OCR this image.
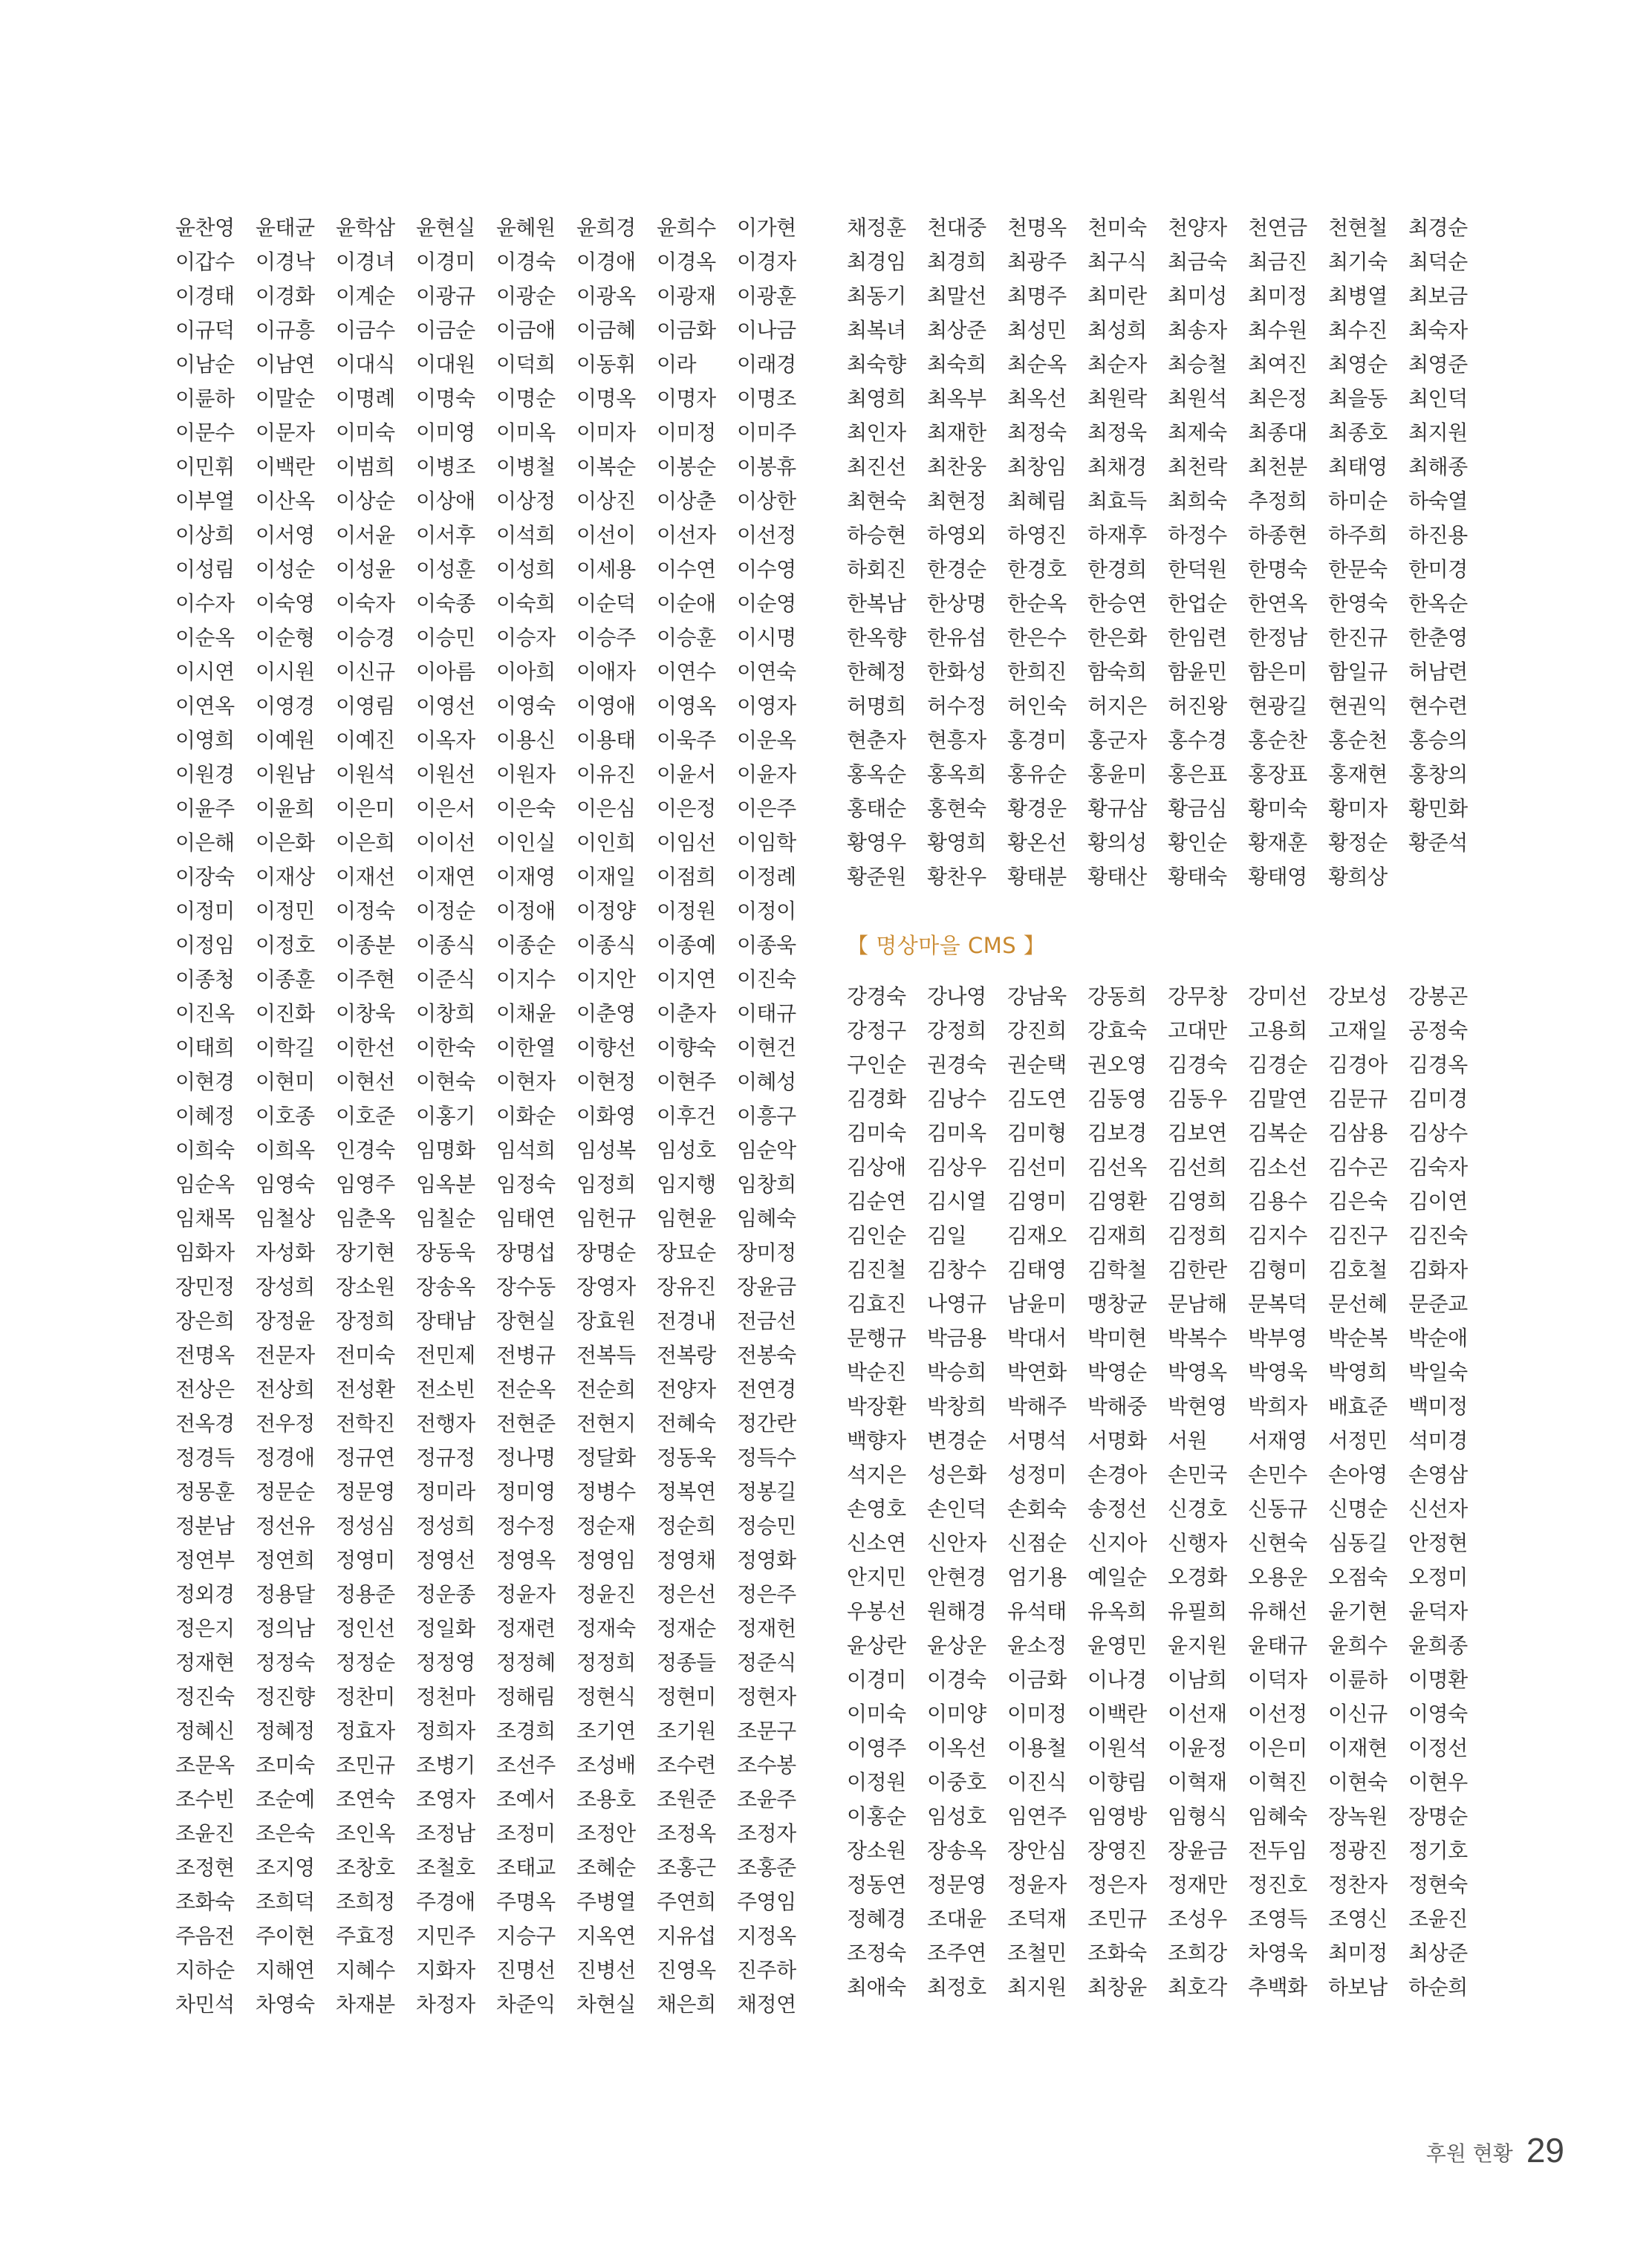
윤찬영 윤태균 윤학삼 윤현실 윤혜원 윤희경 윤희수 이가현
이갑수 이경낙 이경녀 이경미 이경숙 이경애 이경옥 이경자
이경태 이경화 이계순 이광규 이광순 이광옥 이광재 이광훈
이규덕 이규흥 이금수 이금순 이금애 이금혜 이금화 이나금
이남순 이남연 이대식 이대원 이덕희 이동휘 이라 이래경
이륜하 이말순 이명례 이명숙 이명순 이명옥 이명자 이명조
이문수 이문자 이미숙 이미영 이미옥 이미자 이미정 이미주
이민휘 이백란 이범희 이병조 이병철 이복순 이봉순 이봉휴
이부열 이산옥 이상순 이상애 이상정 이상진 이상춘 이상한
이상희 이서영 이서윤 이서후 이석희 이선이 이선자 이선정
이성림 이성순 이성윤 이성훈 이성희 이세용 이수연 이수영
이수자 이숙영 이숙자 이숙종 이숙희 이순덕 이순애 이순영
이순옥 이순형 이승경 이승민 이승자 이승주 이승훈 이시명
이시연 이시원 이신규 이아름 이아희 이애자 이연수 이연숙
이연옥 이영경 이영림 이영선 이영숙 이영애 이영옥 이영자
이영희 이예원 이예진 이옥자 이용신 이용태 이욱주 이운옥
이원경 이원남 이원석 이원선 이원자 이유진 이윤서 이윤자
이윤주 이윤희 이은미 이은서 이은숙 이은심 이은정 이은주
이은해 이은화 이은희 이이선 이인실 이인희 이임선 이임학
이장숙 이재상 이재선 이재연 이재영 이재일 이점희 이정례
이정미 이정민 이정숙 이정순 이정애 이정양 이정원 이정이
이정임 이정호 이종분 이종식 이종순 이종식 이종예 이종욱
이종청 이종훈 이주현 이준식 이지수 이지안 이지연 이진숙
이진옥 이진화 이창욱 이창희 이채윤 이춘영 이춘자 이태규
이태희 이학길 이한선 이한숙 이한열 이향선 이향숙 이현건
이현경 이현미 이현선 이현숙 이현자 이현정 이현주 이혜성
이혜정 이호종 이호준 이홍기 이화순 이화영 이후건 이흥구
이희숙 이희옥 인경숙 임명화 임석희 임성복 임성호 임순악
임순옥 임영숙 임영주 임옥분 임정숙 임정희 임지행 임창희
임채목 임철상 임춘옥 임칠순 임태연 임헌규 임현윤 임혜숙
임화자 자성화 장기현 장동욱 장명섭 장명순 장묘순 장미정
장민정 장성희 장소원 장송옥 장수동 장영자 장유진 장윤금
장은희 장정윤 장정희 장태남 장현실 장효원 전경내 전금선
전명옥 전문자 전미숙 전민제 전병규 전복득 전복랑 전봉숙
전상은 전상희 전성환 전소빈 전순옥 전순희 전양자 전연경
전옥경 전우정 전학진 전행자 전현준 전현지 전혜숙 정간란
정경득 정경애 정규연 정규정 정나명 정달화 정동욱 정득수
정몽훈 정문순 정문영 정미라 정미영 정병수 정복연 정봉길
정분남 정선유 정성심 정성희 정수정 정순재 정순희 정승민
정연부 정연희 정영미 정영선 정영옥 정영임 정영채 정영화
정외경 정용달 정용준 정운종 정윤자 정윤진 정은선 정은주
정은지 정의남 정인선 정일화 정재련 정재숙 정재순 정재헌
정재현 정정숙 정정순 정정영 정정혜 정정희 정종들 정준식
정진숙 정진향 정찬미 정천마 정해림 정현식 정현미 정현자
정혜신 정혜정 정효자 정희자 조경희 조기연 조기원 조문구
조문옥 조미숙 조민규 조병기 조선주 조성배 조수련 조수봉
조수빈 조순예 조연숙 조영자 조예서 조용호 조원준 조윤주
조윤진 조은숙 조인옥 조정남 조정미 조정안 조정옥 조정자
조정현 조지영 조창호 조철호 조태교 조혜순 조홍근 조홍준
조화숙 조희덕 조희정 주경애 주명옥 주병열 주연희 주영임
주음전 주이현 주효정 지민주 지승구 지옥연 지유섭 지정옥
지하순 지해연 지혜수 지화자 진명선 진병선 진영옥 진주하
차민석 차영숙 차재분 차정자 차준익 차현실 채은희 채정연
채정훈 천대중 천명옥 천미숙 천양자 천연금 천현철 최경순
최경임 최경희 최광주 최구식 최금숙 최금진 최기숙 최덕순
최동기 최말선 최명주 최미란 최미성 최미정 최병열 최보금
최복녀 최상준 최성민 최성희 최송자 최수원 최수진 최숙자
최숙향 최숙희 최순옥 최순자 최승철 최여진 최영순 최영준
최영희 최옥부 최옥선 최원락 최원석 최은정 최을동 최인덕
최인자 최재한 최정숙 최정욱 최제숙 최종대 최종호 최지원
최진선 최찬웅 최창임 최채경 최천락 최천분 최태영 최해종
최현숙 최현정 최혜림 최효득 최희숙 추정희 하미순 하숙열
하승현 하영외 하영진 하재후 하정수 하종현 하주희 하진용
하회진 한경순 한경호 한경희 한덕원 한명숙 한문숙 한미경
한복남 한상명 한순옥 한승연 한업순 한연옥 한영숙 한옥순
한옥향 한유섬 한은수 한은화 한임련 한정남 한진규 한춘영
한혜정 한화성 한희진 함숙희 함윤민 함은미 함일규 허남련
허명희 허수정 허인숙 허지은 허진왕 현광길 현권익 현수련
현춘자 현흥자 홍경미 홍군자 홍수경 홍순찬 홍순천 홍승의
홍옥순 홍옥희 홍유순 홍윤미 홍은표 홍장표 홍재현 홍창의
홍태순 홍현숙 황경운 황규삼 황금심 황미숙 황미자 황민화
황영우 황영희 황온선 황의성 황인순 황재훈 황정순 황준석
황준원 황찬우 황태분 황태산 황태숙 황태영 황희상
【 명상마을 CMS 】
강경숙 강나영 강남욱 강동희 강무창 강미선 강보성 강봉곤
강정구 강정희 강진희 강효숙 고대만 고용희 고재일 공정숙
구인순 권경숙 권순택 권오영 김경숙 김경순 김경아 김경옥
김경화 김낭수 김도연 김동영 김동우 김말연 김문규 김미경
김미숙 김미옥 김미형 김보경 김보연 김복순 김삼용 김상수
김상애 김상우 김선미 김선옥 김선희 김소선 김수곤 김숙자
김순연 김시열 김영미 김영환 김영희 김용수 김은숙 김이연
김인순 김일 김재오 김재희 김정희 김지수 김진구 김진숙
김진철 김창수 김태영 김학철 김한란 김형미 김호철 김화자
김효진 나영규 남윤미 맹창균 문남해 문복덕 문선혜 문준교
문행규 박금용 박대서 박미현 박복수 박부영 박순복 박순애
박순진 박승희 박연화 박영순 박영옥 박영욱 박영희 박일숙
박장환 박창희 박해주 박해중 박현영 박희자 배효준 백미정
백향자 변경순 서명석 서명화 서원 서재영 서정민 석미경
석지은 성은화 성정미 손경아 손민국 손민수 손아영 손영삼
손영호 손인덕 손회숙 송정선 신경호 신동규 신명순 신선자
신소연 신안자 신점순 신지아 신행자 신현숙 심동길 안정현
안지민 안현경 엄기용 예일순 오경화 오용운 오점숙 오정미
우봉선 원해경 유석태 유옥희 유필희 유해선 윤기현 윤덕자
윤상란 윤상운 윤소정 윤영민 윤지원 윤태규 윤희수 윤희종
이경미 이경숙 이금화 이나경 이남희 이덕자 이륜하 이명환
이미숙 이미양 이미정 이백란 이선재 이선정 이신규 이영숙
이영주 이옥선 이용철 이원석 이윤정 이은미 이재현 이정선
이정원 이중호 이진식 이향림 이혁재 이혁진 이현숙 이현우
이홍순 임성호 임연주 임영방 임형식 임혜숙 장녹원 장명순
장소원 장송옥 장안심 장영진 장윤금 전두임 정광진 정기호
정동연 정문영 정윤자 정은자 정재만 정진호 정찬자 정현숙
정혜경 조대윤 조덕재 조민규 조성우 조영득 조영신 조윤진
조정숙 조주연 조철민 조화숙 조희강 차영욱 최미정 최상준
최애숙 최정호 최지원 최창윤 최호각 추백화 하보남 하순희
후원 현황 29
